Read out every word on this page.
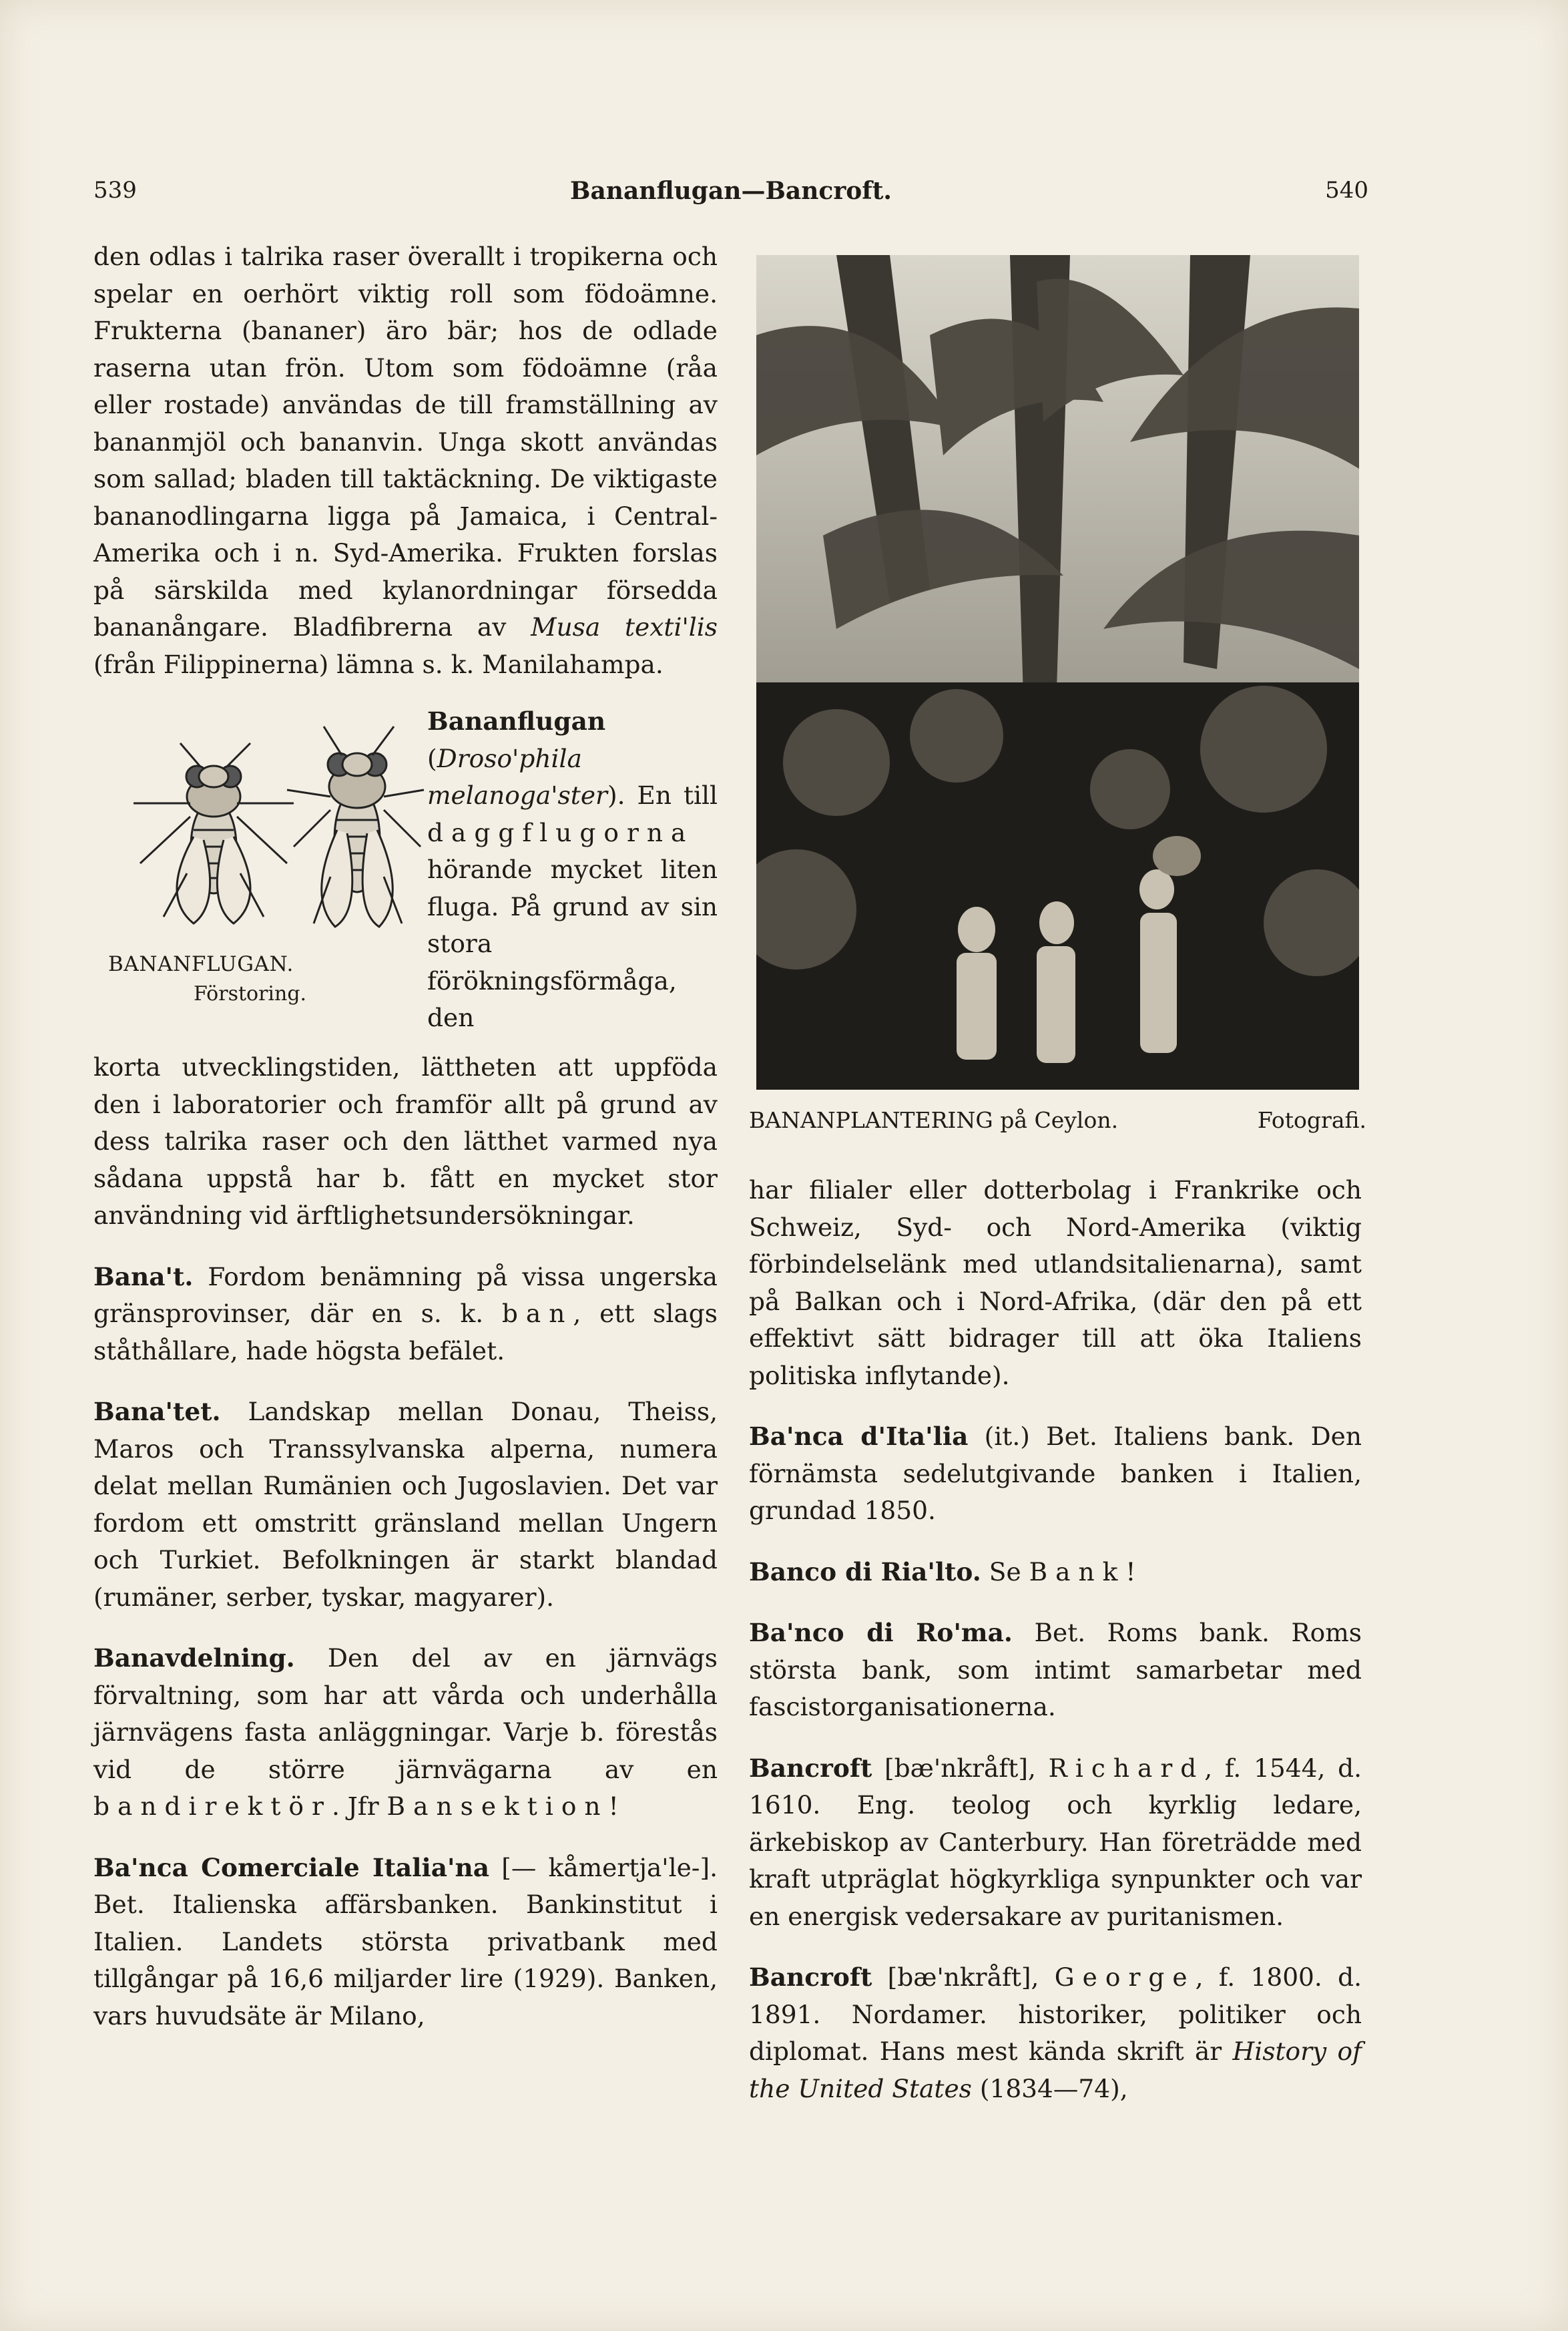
539	Bananflugan—Bancroft.	540

den odlas i talrika raser överallt i tropikerna och spelar en oerhört viktig roll som födoämne. Frukterna (bananer) äro bär; hos de odlade raserna utan frön. Utom som födoämne (råa eller rostade) användas de till framställning av bananmjöl och bananvin. Unga skott användas som sallad; bladen till taktäckning. De viktigaste bananodlingarna ligga på Jamaica, i Central-Amerika och i n. Syd-Amerika. Frukten forslas på särskilda med kylanordningar försedda bananångare. Bladfibrerna av Musa texti'lis (från Filippinerna) lämna s. k. Manilahampa.

BANANFLUGAN.
Förstoring.

Bananflugan (Droso'phila melanoga'ster). En till daggflugorna hörande mycket liten fluga. På grund av sin stora förökningsförmåga, den

korta utvecklingstiden, lättheten att uppföda den i laboratorier och framför allt på grund av dess talrika raser och den lätthet varmed nya sådana uppstå har b. fått en mycket stor användning vid ärftlighetsundersökningar.

Bana't. Fordom benämning på vissa ungerska gränsprovinser, där en s. k. ban, ett slags ståthållare, hade högsta befälet.

Bana'tet. Landskap mellan Donau, Theiss, Maros och Transsylvanska alperna, numera delat mellan Rumänien och Jugoslavien. Det var fordom ett omstritt gränsland mellan Ungern och Turkiet. Befolkningen är starkt blandad (rumäner, serber, tyskar, magyarer).

Banavdelning. Den del av en järnvägs förvaltning, som har att vårda och underhålla järnvägens fasta anläggningar. Varje b. förestås vid de större järnvägarna av en bandirektör. Jfr Bansektion!

Ba'nca Comerciale Italia'na [— kåmertja'le-]. Bet. Italienska affärsbanken. Bankinstitut i Italien. Landets största privatbank med tillgångar på 16,6 miljarder lire (1929). Banken, vars huvudsäte är Milano,

BANANPLANTERING på Ceylon.	Fotografi.

har filialer eller dotterbolag i Frankrike och Schweiz, Syd- och Nord-Amerika (viktig förbindelselänk med utlandsitalienarna), samt på Balkan och i Nord-Afrika, (där den på ett effektivt sätt bidrager till att öka Italiens politiska inflytande).

Ba'nca d'Ita'lia (it.) Bet. Italiens bank. Den förnämsta sedelutgivande banken i Italien, grundad 1850.

Banco di Ria'lto. Se Bank!

Ba'nco di Ro'ma. Bet. Roms bank. Roms största bank, som intimt samarbetar med fascistorganisationerna.

Bancroft [bæ'nkråft], Richard, f. 1544, d. 1610. Eng. teolog och kyrklig ledare, ärkebiskop av Canterbury. Han företrädde med kraft utpräglat högkyrkliga synpunkter och var en energisk vedersakare av puritanismen.

Bancroft [bæ'nkråft], George, f. 1800. d. 1891. Nordamer. historiker, politiker och diplomat. Hans mest kända skrift är History of the United States (1834—74),
